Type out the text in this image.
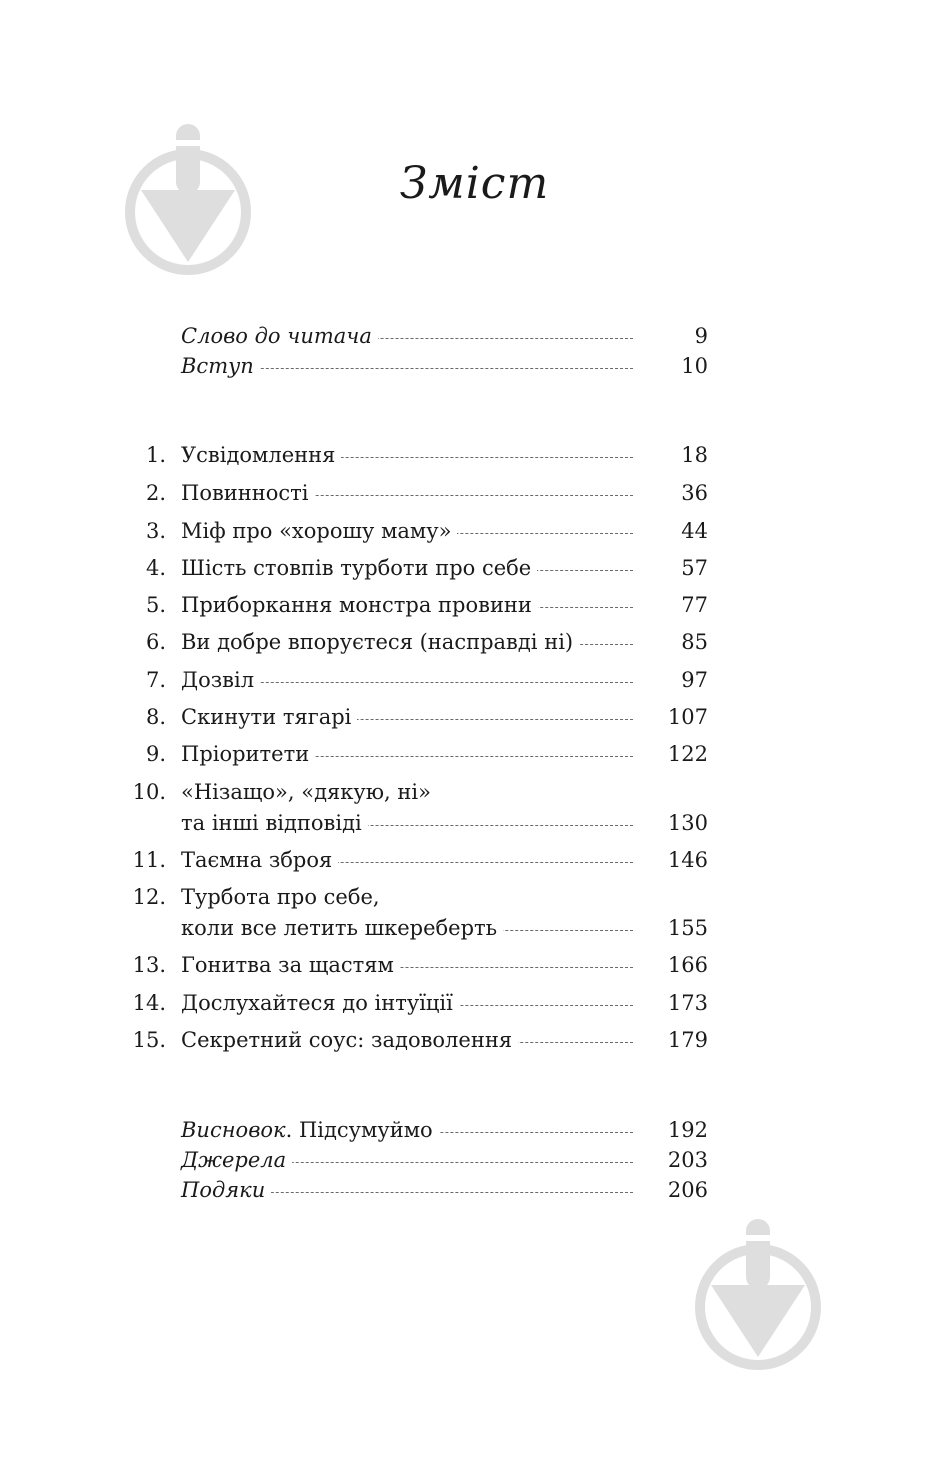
Зміст
Слово до читача	9
Вступ	10
1. Усвідомлення	18
2. Повинності	36
3. Міф про «хорошу маму»	44
4. Шість стовпів турботи про себе	57
5. Приборкання монстра провини	77
6. Ви добре впоруєтеся (насправді ні)	85
7. Дозвіл	97
8. Скинути тягарі	107
9. Пріоритети	122
10. «Нізащо», «дякую, ні»
та інші відповіді	130
11. Таємна зброя	146
12. Турбота про себе,
коли все летить шкереберть	155
13. Гонитва за щастям	166
14. Дослухайтеся до інтуїції	173
15. Секретний соус: задоволення	179
Висновок. Підсумуймо	192
Джерела	203
Подяки	206
